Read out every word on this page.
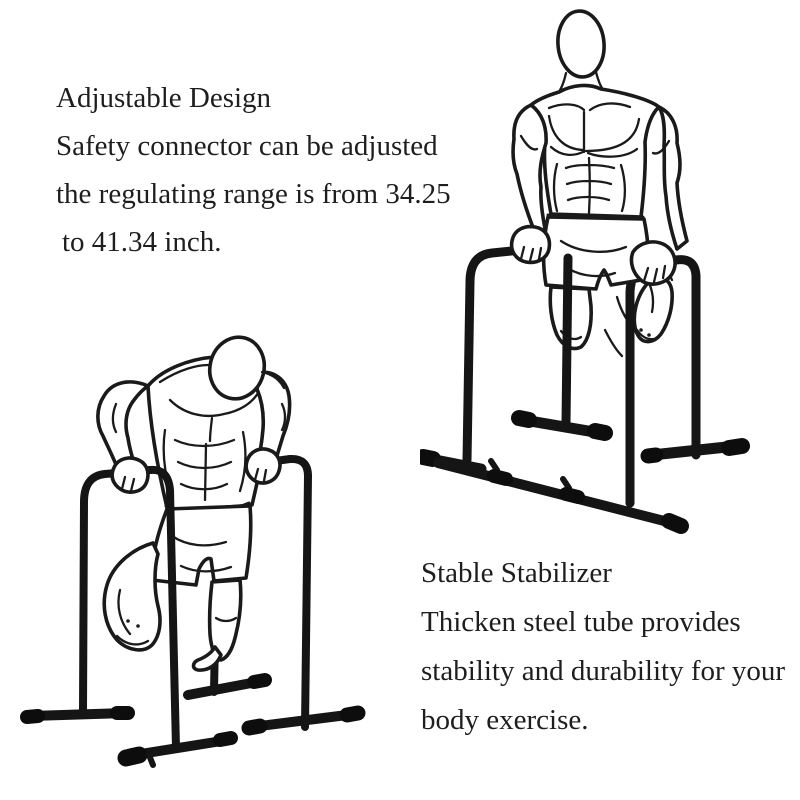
Adjustable Design
Safety connector can be adjusted
the regulating range is from 34.25
to 41.34 inch.
Stable Stabilizer
Thicken steel tube provides
stability and durability for your
body exercise.
